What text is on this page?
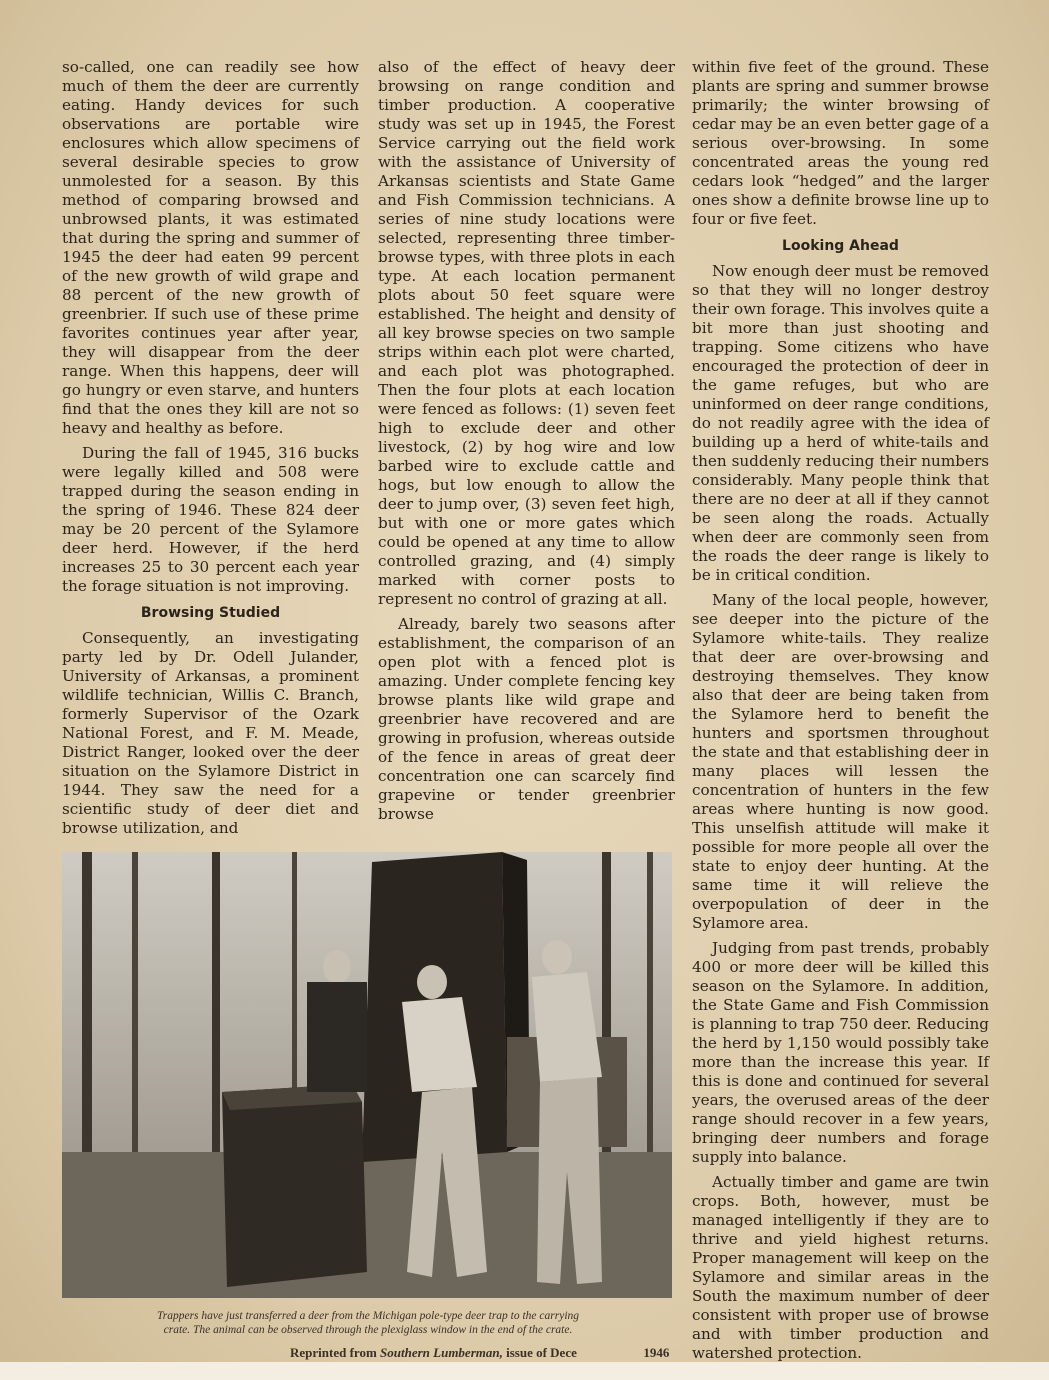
so-called, one can readily see how much of them the deer are currently eating. Handy devices for such observations are portable wire enclosures which allow specimens of several desirable species to grow unmolested for a season. By this method of comparing browsed and unbrowsed plants, it was estimated that during the spring and summer of 1945 the deer had eaten 99 percent of the new growth of wild grape and 88 percent of the new growth of greenbrier. If such use of these prime favorites continues year after year, they will disappear from the deer range. When this happens, deer will go hungry or even starve, and hunters find that the ones they kill are not so heavy and healthy as before.

During the fall of 1945, 316 bucks were legally killed and 508 were trapped during the season ending in the spring of 1946. These 824 deer may be 20 percent of the Sylamore deer herd. However, if the herd increases 25 to 30 percent each year the forage situation is not improving.

Browsing Studied

Consequently, an investigating party led by Dr. Odell Julander, University of Arkansas, a prominent wildlife technician, Willis C. Branch, formerly Supervisor of the Ozark National Forest, and F. M. Meade, District Ranger, looked over the deer situation on the Sylamore District in 1944. They saw the need for a scientific study of deer diet and browse utilization, and

also of the effect of heavy deer browsing on range condition and timber production. A cooperative study was set up in 1945, the Forest Service carrying out the field work with the assistance of University of Arkansas scientists and State Game and Fish Commission technicians. A series of nine study locations were selected, representing three timber-browse types, with three plots in each type. At each location permanent plots about 50 feet square were established. The height and density of all key browse species on two sample strips within each plot were charted, and each plot was photographed. Then the four plots at each location were fenced as follows: (1) seven feet high to exclude deer and other livestock, (2) by hog wire and low barbed wire to exclude cattle and hogs, but low enough to allow the deer to jump over, (3) seven feet high, but with one or more gates which could be opened at any time to allow controlled grazing, and (4) simply marked with corner posts to represent no control of grazing at all.

Already, barely two seasons after establishment, the comparison of an open plot with a fenced plot is amazing. Under complete fencing key browse plants like wild grape and greenbrier have recovered and are growing in profusion, whereas outside of the fence in areas of great deer concentration one can scarcely find grapevine or tender greenbrier browse

within five feet of the ground. These plants are spring and summer browse primarily; the winter browsing of cedar may be an even better gage of a serious over-browsing. In some concentrated areas the young red cedars look “hedged” and the larger ones show a definite browse line up to four or five feet.

Looking Ahead

Now enough deer must be removed so that they will no longer destroy their own forage. This involves quite a bit more than just shooting and trapping. Some citizens who have encouraged the protection of deer in the game refuges, but who are uninformed on deer range conditions, do not readily agree with the idea of building up a herd of white-tails and then suddenly reducing their numbers considerably. Many people think that there are no deer at all if they cannot be seen along the roads. Actually when deer are commonly seen from the roads the deer range is likely to be in critical condition.

Many of the local people, however, see deeper into the picture of the Sylamore white-tails. They realize that deer are over-browsing and destroying themselves. They know also that deer are being taken from the Sylamore herd to benefit the hunters and sportsmen throughout the state and that establishing deer in many places will lessen the concentration of hunters in the few areas where hunting is now good. This unselfish attitude will make it possible for more people all over the state to enjoy deer hunting. At the same time it will relieve the overpopulation of deer in the Sylamore area.

Judging from past trends, probably 400 or more deer will be killed this season on the Sylamore. In addition, the State Game and Fish Commission is planning to trap 750 deer. Reducing the herd by 1,150 would possibly take more than the increase this year. If this is done and continued for several years, the overused areas of the deer range should recover in a few years, bringing deer numbers and forage supply into balance.

Actually timber and game are twin crops. Both, however, must be managed intelligently if they are to thrive and yield highest returns. Proper management will keep on the Sylamore and similar areas in the South the maximum number of deer consistent with proper use of browse and with timber production and watershed protection.

Trappers have just transferred a deer from the Michigan pole-type deer trap to the carrying
crate. The animal can be observed through the plexiglass window in the end of the crate.
Reprinted from Southern Lumberman, issue of Dece	1946
